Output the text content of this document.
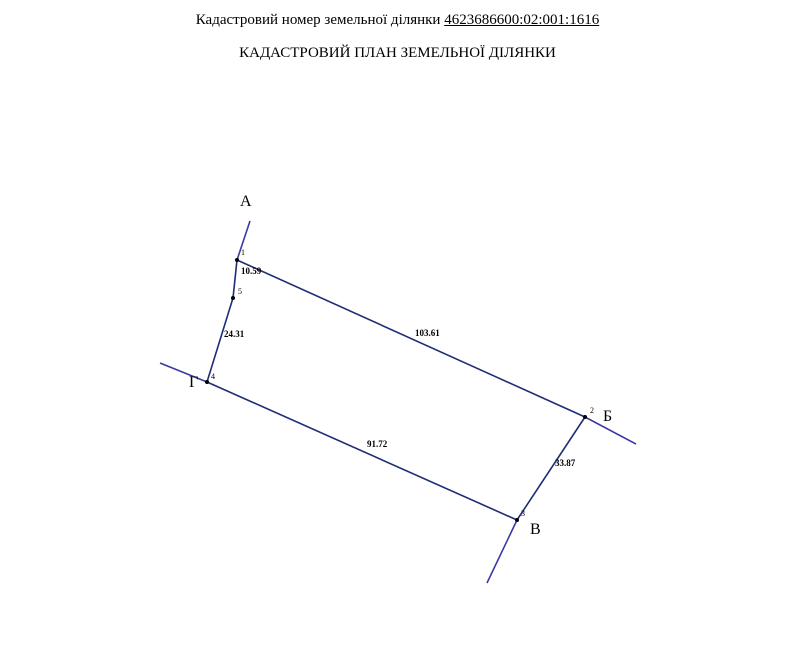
Кадастровий номер земельної ділянки 4623686600:02:001:1616
КАДАСТРОВИЙ ПЛАН ЗЕМЕЛЬНОЇ ДІЛЯНКИ
1
2
3
4
5
А
Б
В
Г
10.59
103.61
33.87
91.72
24.31
